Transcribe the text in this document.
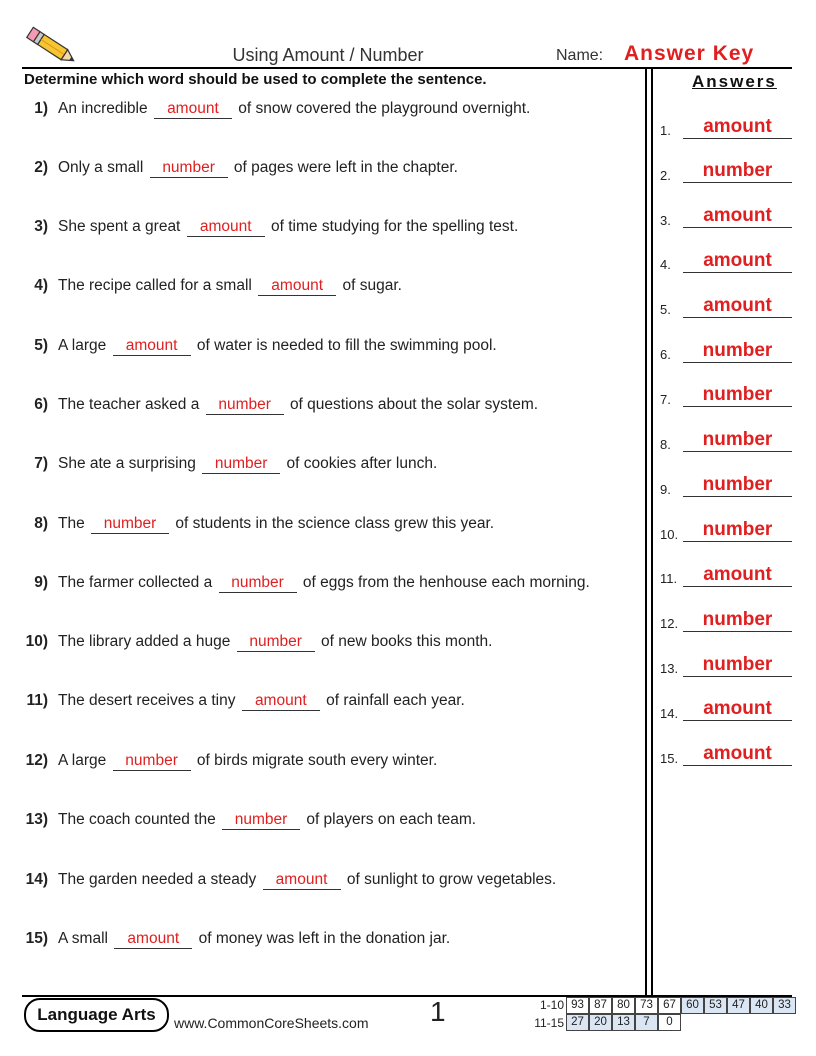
Using Amount / Number	Name: Answer Key
Determine which word should be used to complete the sentence.	Answers
1) An incredible amount of snow covered the playground overnight.
2) Only a small number of pages were left in the chapter.
3) She spent a great amount of time studying for the spelling test.
4) The recipe called for a small amount of sugar.
5) A large amount of water is needed to fill the swimming pool.
6) The teacher asked a number of questions about the solar system.
7) She ate a surprising number of cookies after lunch.
8) The number of students in the science class grew this year.
9) The farmer collected a number of eggs from the henhouse each morning.
10) The library added a huge number of new books this month.
11) The desert receives a tiny amount of rainfall each year.
12) A large number of birds migrate south every winter.
13) The coach counted the number of players on each team.
14) The garden needed a steady amount of sunlight to grow vegetables.
15) A small amount of money was left in the donation jar.
1.	amount
2.	number
3.	amount
4.	amount
5.	amount
6.	number
7.	number
8.	number
9.	number
10.	number
11.	amount
12.	number
13.	number
14.	amount
15.	amount
Language Arts	www.CommonCoreSheets.com 1	1-10
11-15
93 87 80 73 67 60 53 47 40 33
27 20 13	7	0
